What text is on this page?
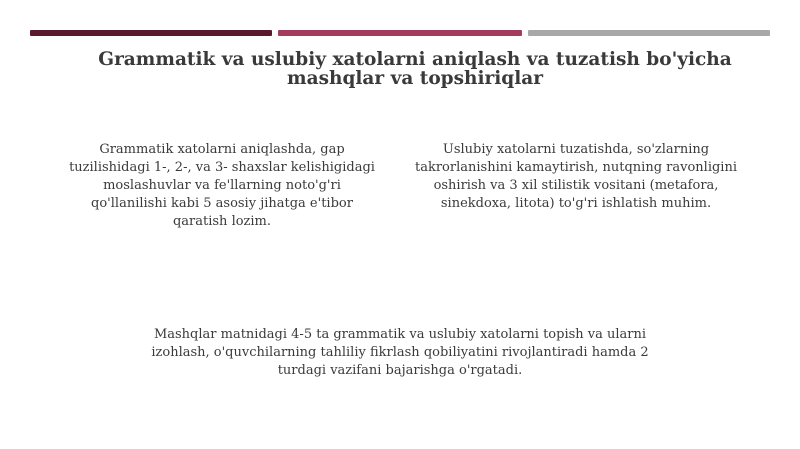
Grammatik va uslubiy xatolarni aniqlash va tuzatish bo'yicha mashqlar va topshiriqlar

Grammatik xatolarni aniqlashda, gap tuzilishidagi 1-, 2-, va 3- shaxslar kelishigidagi moslashuvlar va fe'llarning noto'g'ri qo'llanilishi kabi 5 asosiy jihatga e'tibor qaratish lozim.

Uslubiy xatolarni tuzatishda, so'zlarning takrorlanishini kamaytirish, nutqning ravonligini oshirish va 3 xil stilistik vositani (metafora, sinekdoxa, litota) to'g'ri ishlatish muhim.

Mashqlar matnidagi 4-5 ta grammatik va uslubiy xatolarni topish va ularni izohlash, o'quvchilarning tahliliy fikrlash qobiliyatini rivojlantiradi hamda 2 turdagi vazifani bajarishga o'rgatadi.
